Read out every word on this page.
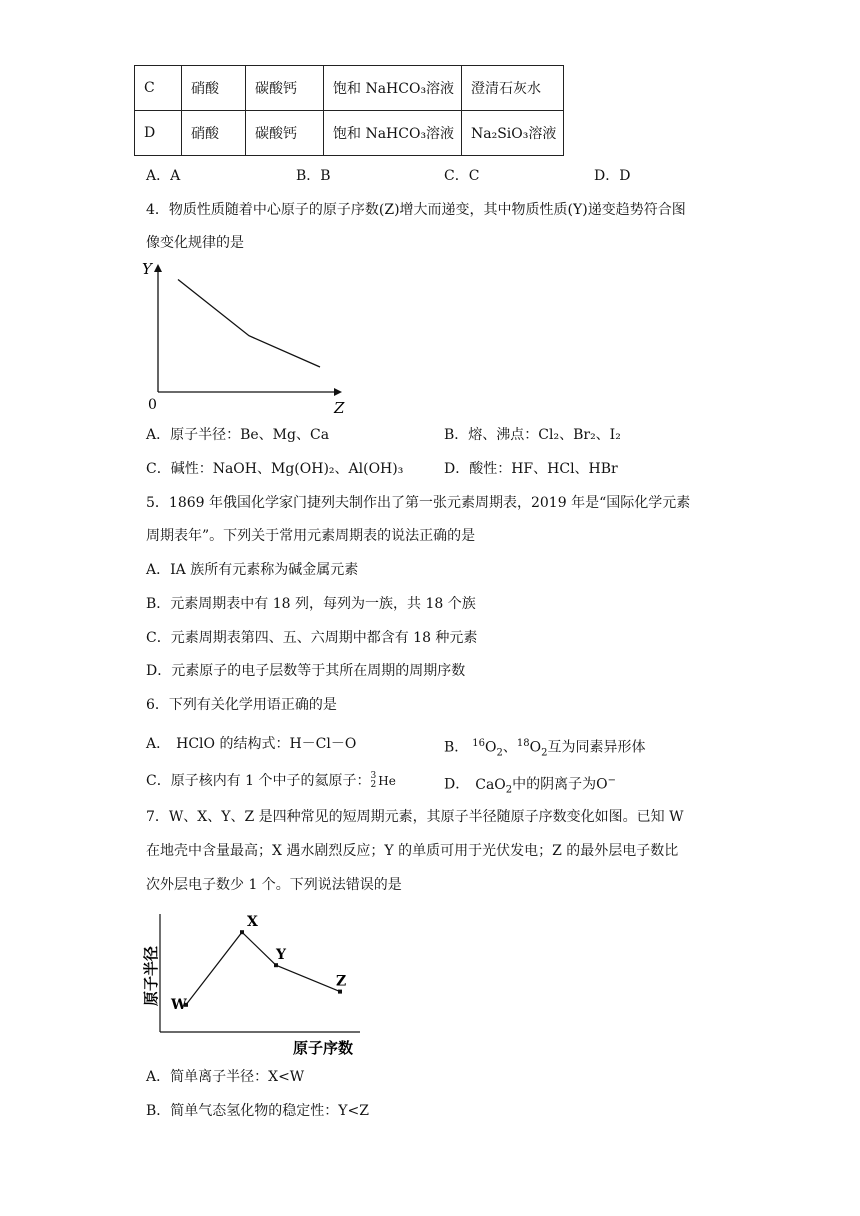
C	硝酸	碳酸钙	饱和 NaHCO₃溶液	澄清石灰水
D	硝酸	碳酸钙	饱和 NaHCO₃溶液	Na₂SiO₃溶液
A．A	B．B	C．C	D．D
4．物质性质随着中心原子的原子序数(Z)增大而递变，其中物质性质(Y)递变趋势符合图
像变化规律的是
Y
Z
0
A．原子半径：Be、Mg、Ca	B．熔、沸点：Cl₂、Br₂、I₂
C．碱性：NaOH、Mg(OH)₂、Al(OH)₃	D．酸性：HF、HCl、HBr
5．1869 年俄国化学家门捷列夫制作出了第一张元素周期表，2019 年是“国际化学元素
周期表年”。下列关于常用元素周期表的说法正确的是
A．IA 族所有元素称为碱金属元素
B．元素周期表中有 18 列，每列为一族，共 18 个族
C．元素周期表第四、五、六周期中都含有 18 种元素
D．元素原子的电子层数等于其所在周期的周期序数
6．下列有关化学用语正确的是
A． HClO 的结构式：H－Cl－O	B． $^{16}O_2$、$^{18}O_2$互为同素异形体
C．原子核内有 1 个中子的氦原子：3
2 He	D． CaO$_2$中的阴离子为O−
7．W、X、Y、Z 是四种常见的短周期元素，其原子半径随原子序数变化如图。已知 W
在地壳中含量最高；X 遇水剧烈反应；Y 的单质可用于光伏发电；Z 的最外层电子数比
次外层电子数少 1 个。下列说法错误的是
原子半径
原子序数
W
X
Y
Z
A．简单离子半径：X<W
B．简单气态氢化物的稳定性：Y<Z
